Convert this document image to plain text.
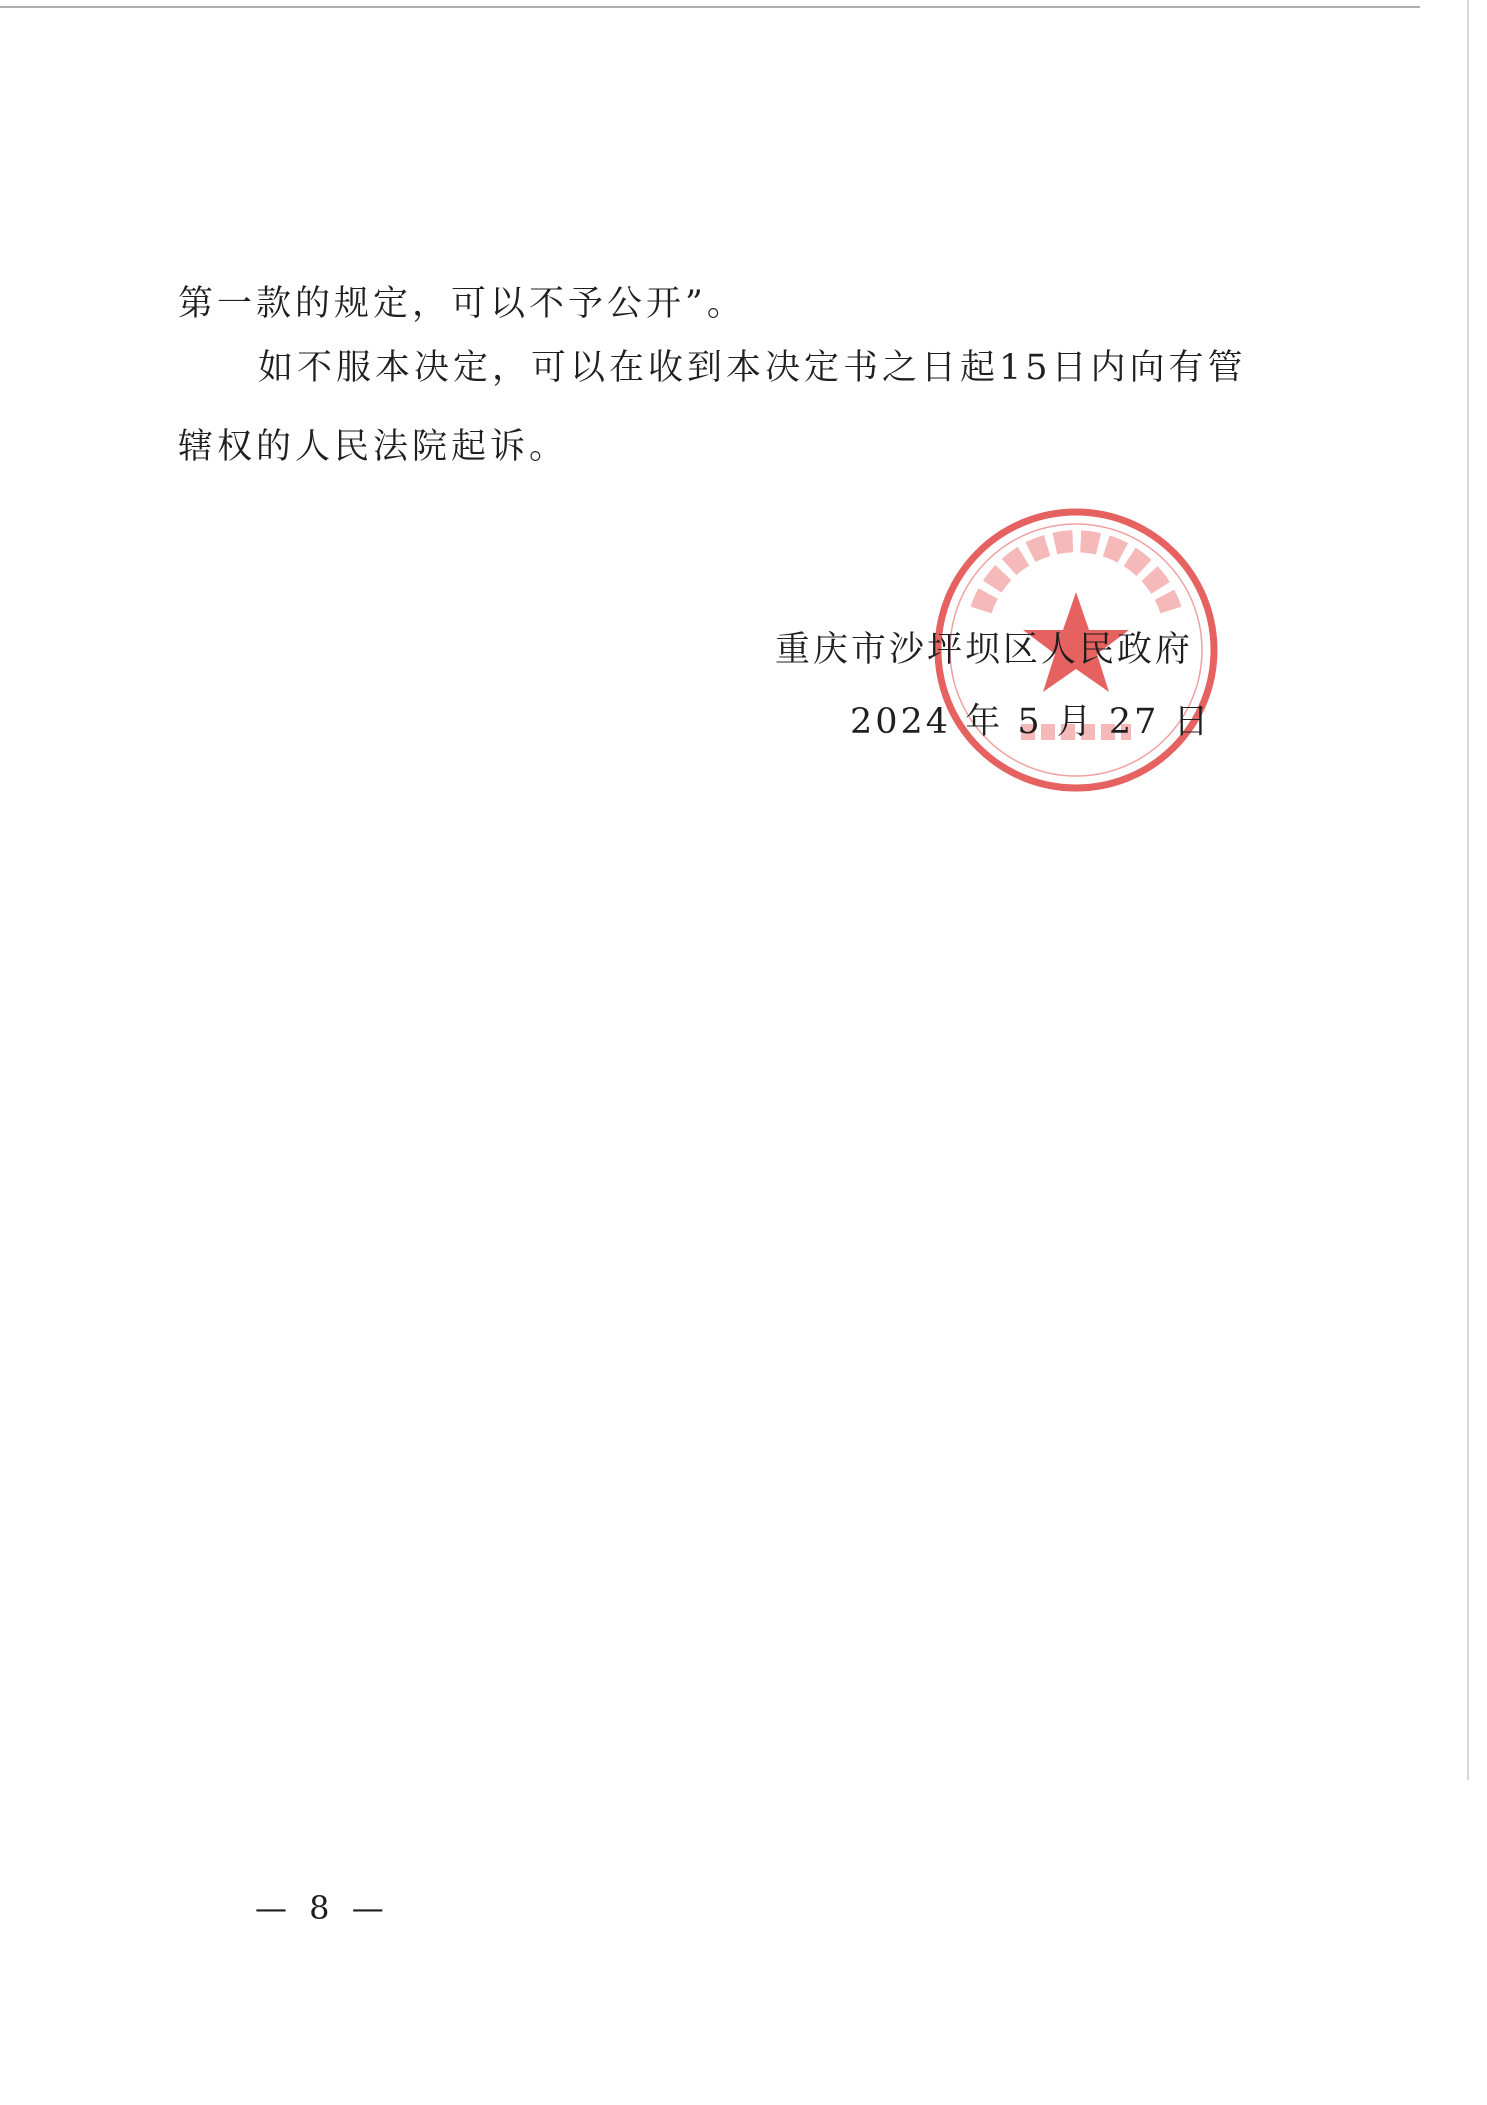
第一款的规定，可以不予公开”。
如不服本决定，可以在收到本决定书之日起15日内向有管
辖权的人民法院起诉。
重庆市沙坪坝区人民政府
2024 年 5 月 27 日
— 8 —
